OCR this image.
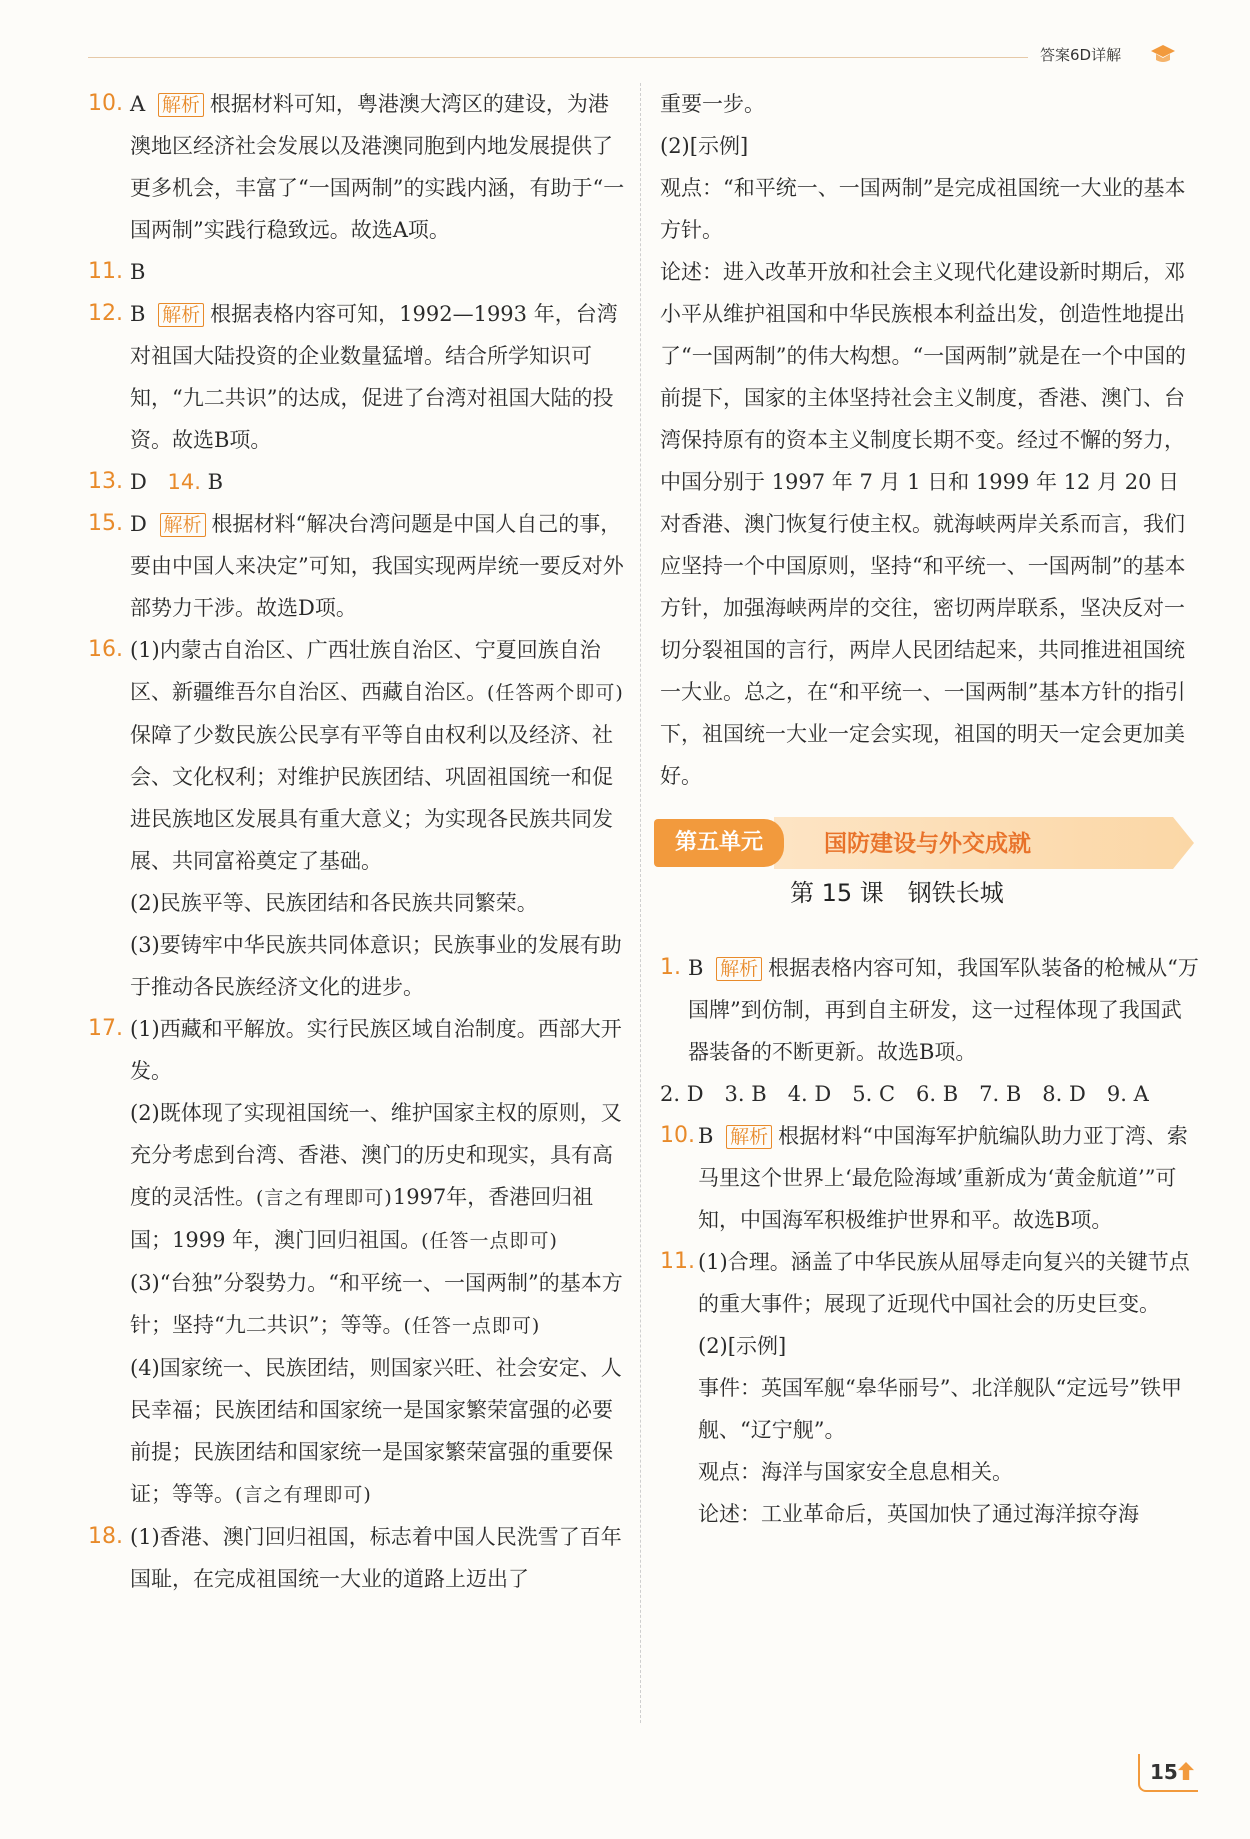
答案6D详解
10. A 解析 根据材料可知，粤港澳大湾区的建设，为港澳地区经济社会发展以及港澳同胞到内地发展提供了更多机会，丰富了“一国两制”的实践内涵，有助于“一国两制”实践行稳致远。故选A项。
11. B
12. B 解析 根据表格内容可知，1992—1993 年，台湾对祖国大陆投资的企业数量猛增。结合所学知识可知，“九二共识”的达成，促进了台湾对祖国大陆的投资。故选B项。
13. D 14. B
15. D 解析 根据材料“解决台湾问题是中国人自己的事，要由中国人来决定”可知，我国实现两岸统一要反对外部势力干涉。故选D项。
16. (1)内蒙古自治区、广西壮族自治区、宁夏回族自治区、新疆维吾尔自治区、西藏自治区。(任答两个即可)保障了少数民族公民享有平等自由权利以及经济、社会、文化权利；对维护民族团结、巩固祖国统一和促进民族地区发展具有重大意义；为实现各民族共同发展、共同富裕奠定了基础。
(2)民族平等、民族团结和各民族共同繁荣。
(3)要铸牢中华民族共同体意识；民族事业的发展有助于推动各民族经济文化的进步。
17. (1)西藏和平解放。实行民族区域自治制度。西部大开发。
(2)既体现了实现祖国统一、维护国家主权的原则，又充分考虑到台湾、香港、澳门的历史和现实，具有高度的灵活性。(言之有理即可)1997年，香港回归祖国；1999 年，澳门回归祖国。(任答一点即可)
(3)“台独”分裂势力。“和平统一、一国两制”的基本方针；坚持“九二共识”；等等。(任答一点即可)
(4)国家统一、民族团结，则国家兴旺、社会安定、人民幸福；民族团结和国家统一是国家繁荣富强的必要前提；民族团结和国家统一是国家繁荣富强的重要保证；等等。(言之有理即可)
18. (1)香港、澳门回归祖国，标志着中国人民洗雪了百年国耻，在完成祖国统一大业的道路上迈出了
重要一步。
(2)[示例]
观点：“和平统一、一国两制”是完成祖国统一大业的基本方针。
论述：进入改革开放和社会主义现代化建设新时期后，邓小平从维护祖国和中华民族根本利益出发，创造性地提出了“一国两制”的伟大构想。“一国两制”就是在一个中国的前提下，国家的主体坚持社会主义制度，香港、澳门、台湾保持原有的资本主义制度长期不变。经过不懈的努力，中国分别于 1997 年 7 月 1 日和 1999 年 12 月 20 日对香港、澳门恢复行使主权。就海峡两岸关系而言，我们应坚持一个中国原则，坚持“和平统一、一国两制”的基本方针，加强海峡两岸的交往，密切两岸联系，坚决反对一切分裂祖国的言行，两岸人民团结起来，共同推进祖国统一大业。总之，在“和平统一、一国两制”基本方针的指引下，祖国统一大业一定会实现，祖国的明天一定会更加美好。
第五单元	国防建设与外交成就
第 15 课　钢铁长城
1. B 解析 根据表格内容可知，我国军队装备的枪械从“万国牌”到仿制，再到自主研发，这一过程体现了我国武器装备的不断更新。故选B项。
2. D　3. B　4. D　5. C　6. B　7. B　8. D　9. A
10. B 解析 根据材料“中国海军护航编队助力亚丁湾、索马里这个世界上‘最危险海域’重新成为‘黄金航道’”可知，中国海军积极维护世界和平。故选B项。
11. (1)合理。涵盖了中华民族从屈辱走向复兴的关键节点的重大事件；展现了近现代中国社会的历史巨变。
(2)[示例]
事件：英国军舰“皋华丽号”、北洋舰队“定远号”铁甲舰、“辽宁舰”。
观点：海洋与国家安全息息相关。
论述：工业革命后，英国加快了通过海洋掠夺海
15
